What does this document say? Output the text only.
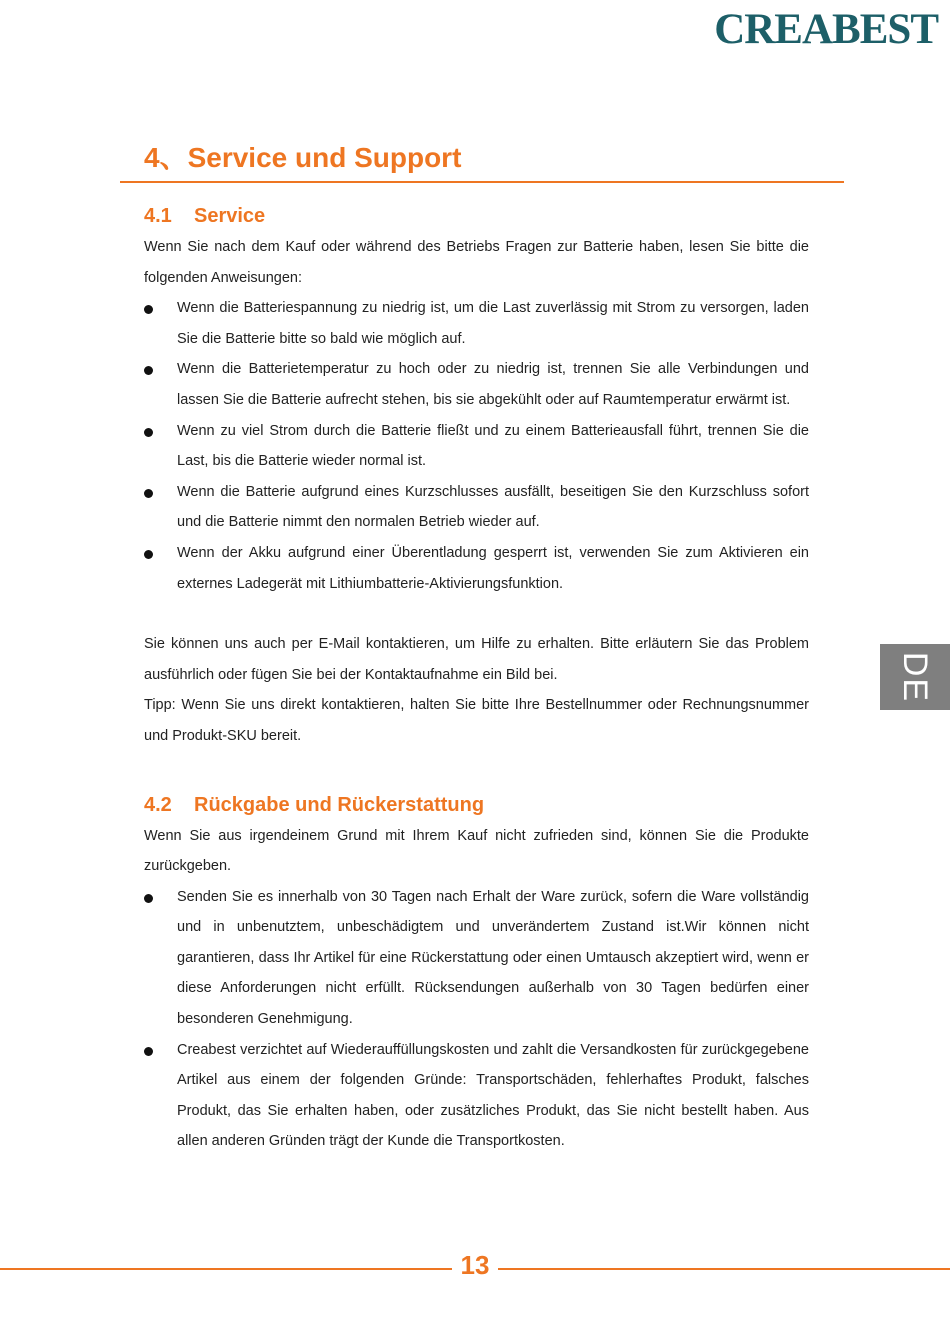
CREABEST
4、Service und Support
4.1 Service

Wenn Sie nach dem Kauf oder während des Betriebs Fragen zur Batterie haben, lesen Sie bitte die folgenden Anweisungen:

Wenn die Batteriespannung zu niedrig ist, um die Last zuverlässig mit Strom zu versorgen, laden Sie die Batterie bitte so bald wie möglich auf.
Wenn die Batterietemperatur zu hoch oder zu niedrig ist, trennen Sie alle Verbindungen und lassen Sie die Batterie aufrecht stehen, bis sie abgekühlt oder auf Raumtemperatur erwärmt ist.
Wenn zu viel Strom durch die Batterie fließt und zu einem Batterieausfall führt, trennen Sie die Last, bis die Batterie wieder normal ist.
Wenn die Batterie aufgrund eines Kurzschlusses ausfällt, beseitigen Sie den Kurzschluss sofort und die Batterie nimmt den normalen Betrieb wieder auf.
Wenn der Akku aufgrund einer Überentladung gesperrt ist, verwenden Sie zum Aktivieren ein externes Ladegerät mit Lithiumbatterie-Aktivierungsfunktion.

Sie können uns auch per E-Mail kontaktieren, um Hilfe zu erhalten. Bitte erläutern Sie das Problem ausführlich oder fügen Sie bei der Kontaktaufnahme ein Bild bei.

Tipp: Wenn Sie uns direkt kontaktieren, halten Sie bitte Ihre Bestellnummer oder Rechnungsnummer und Produkt-SKU bereit.

4.2 Rückgabe und Rückerstattung

Wenn Sie aus irgendeinem Grund mit Ihrem Kauf nicht zufrieden sind, können Sie die Produkte zurückgeben.

Senden Sie es innerhalb von 30 Tagen nach Erhalt der Ware zurück, sofern die Ware vollständig und in unbenutztem, unbeschädigtem und unverändertem Zustand ist.Wir können nicht garantieren, dass Ihr Artikel für eine Rückerstattung oder einen Umtausch akzeptiert wird, wenn er diese Anforderungen nicht erfüllt. Rücksendungen außerhalb von 30 Tagen bedürfen einer besonderen Genehmigung.
Creabest verzichtet auf Wiederauffüllungskosten und zahlt die Versandkosten für zurückgegebene Artikel aus einem der folgenden Gründe: Transportschäden, fehlerhaftes Produkt, falsches Produkt, das Sie erhalten haben, oder zusätzliches Produkt, das Sie nicht bestellt haben. Aus allen anderen Gründen trägt der Kunde die Transportkosten.
DE
13
